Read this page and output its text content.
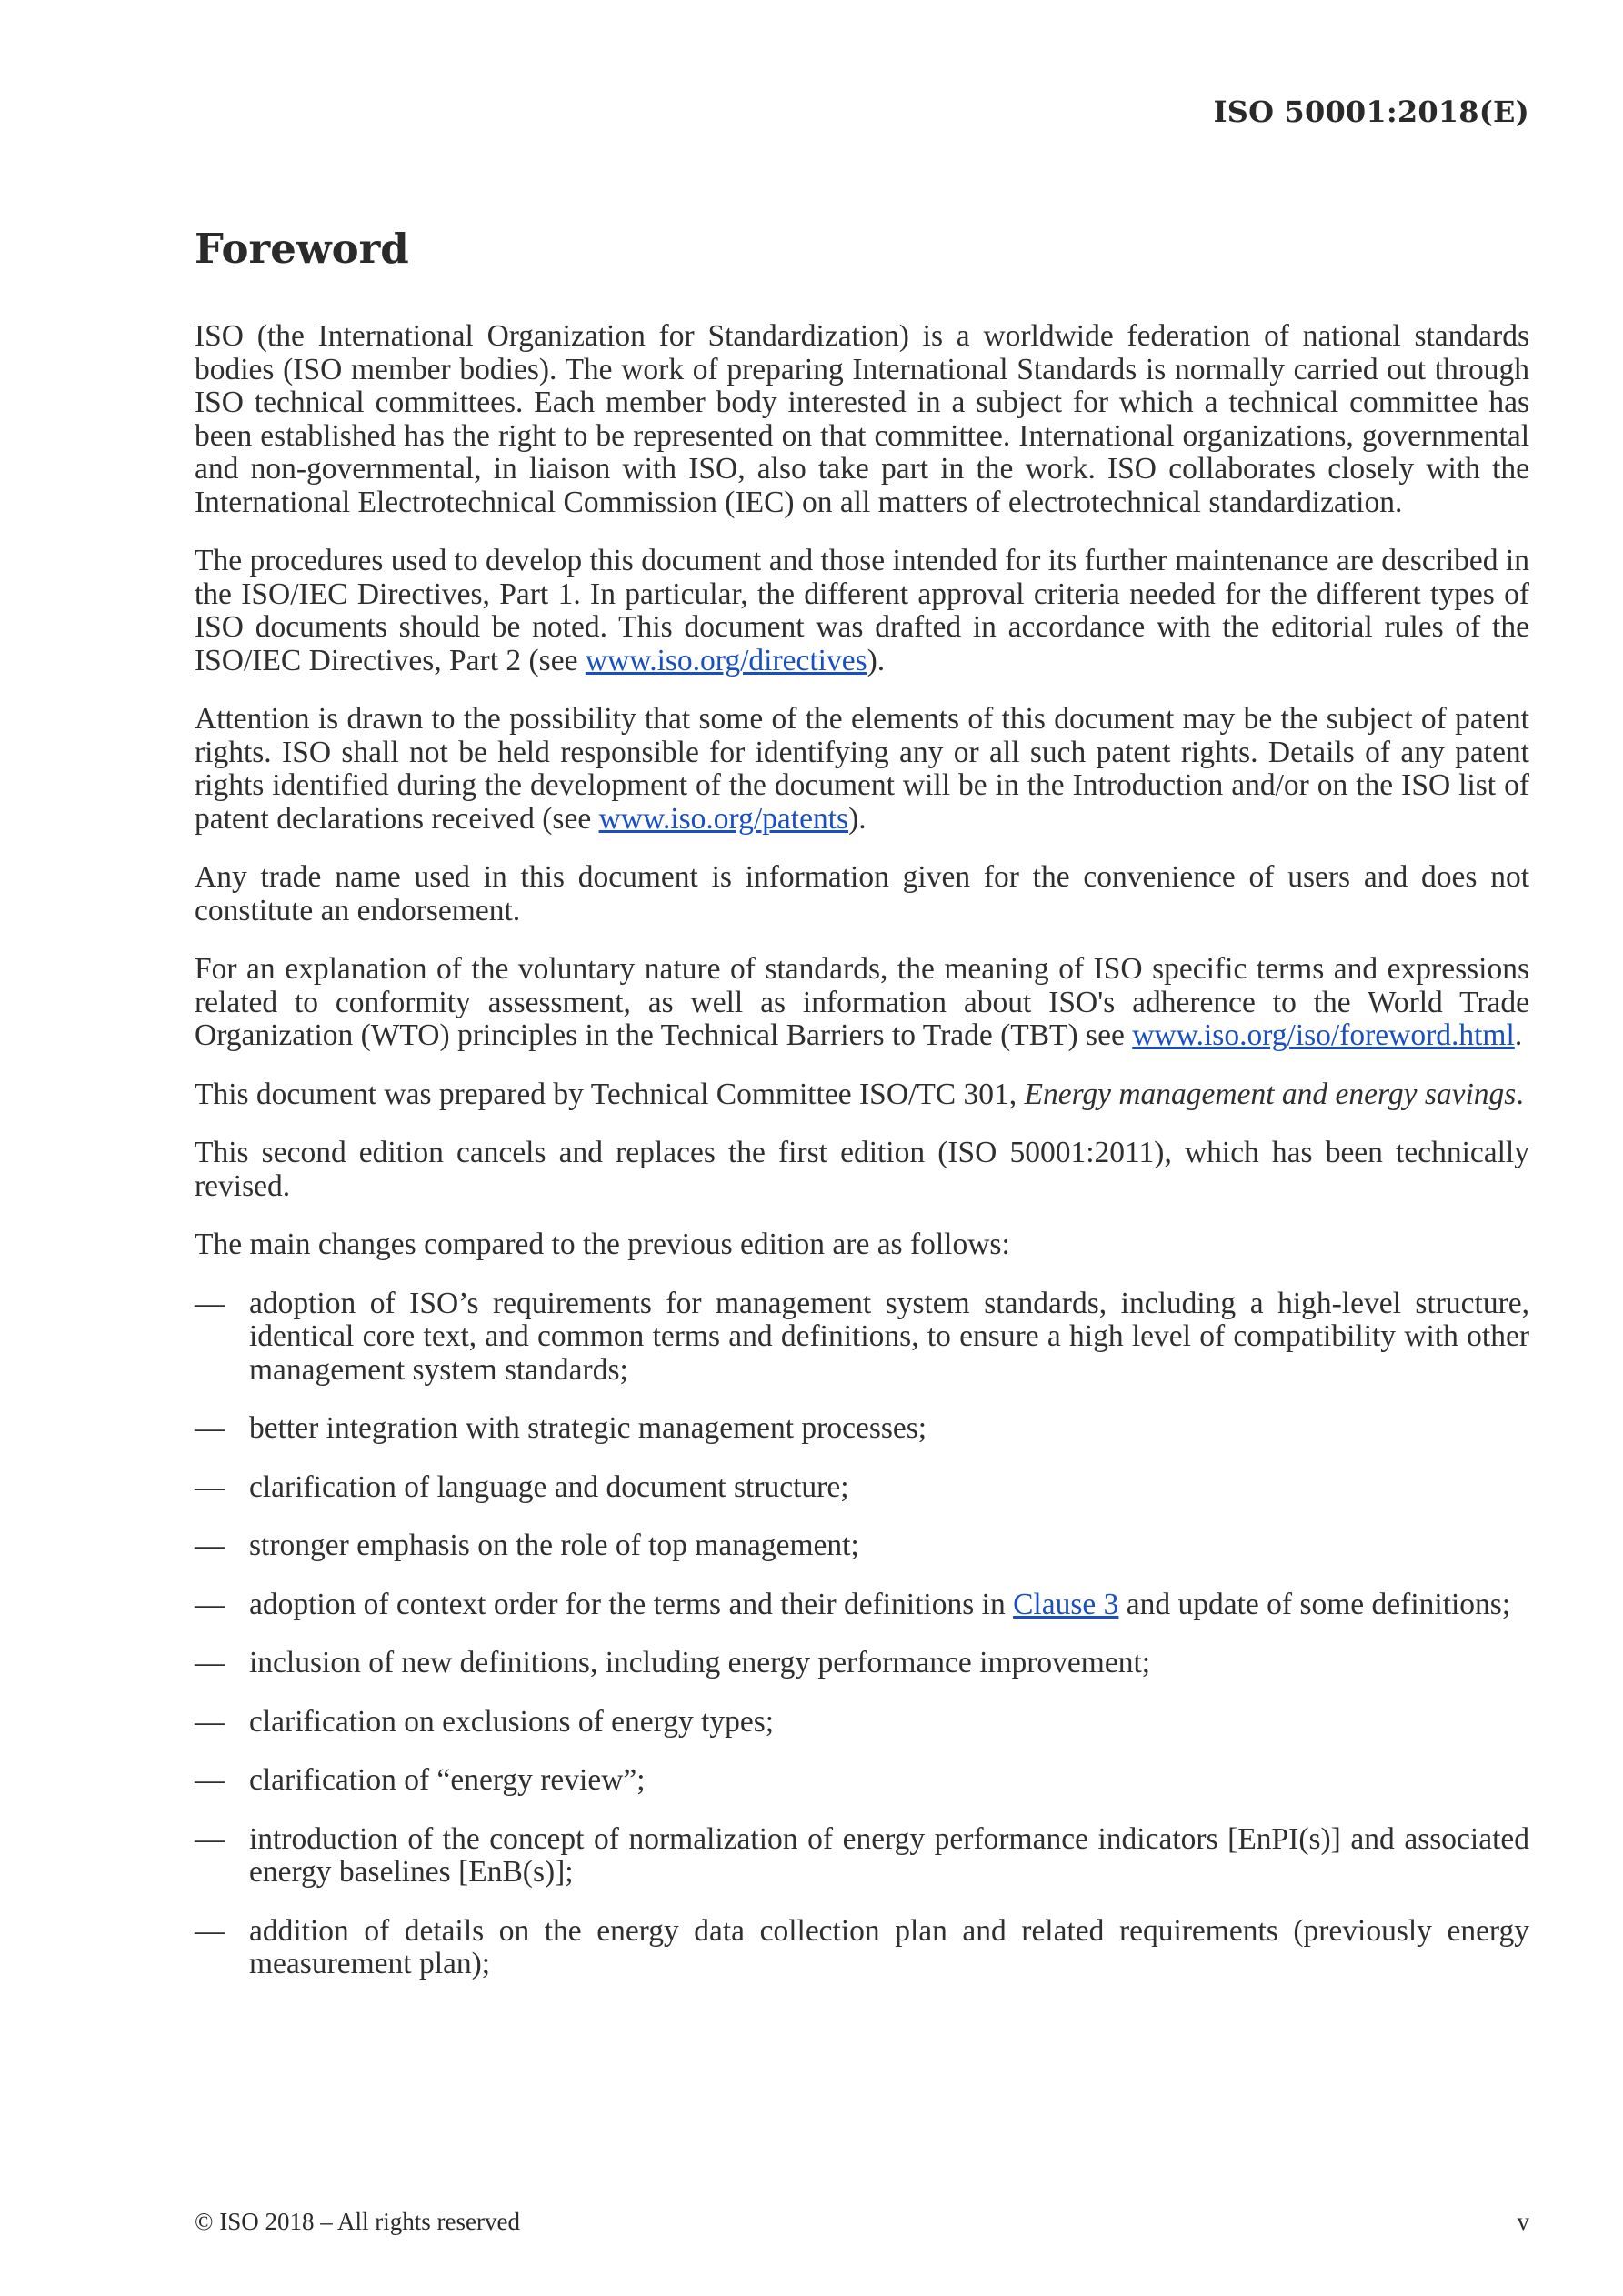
ISO 50001:2018(E)
Foreword

ISO (the International Organization for Standardization) is a worldwide federation of national standards bodies (ISO member bodies). The work of preparing International Standards is normally carried out through ISO technical committees. Each member body interested in a subject for which a technical committee has been established has the right to be represented on that committee. International organizations, governmental and non-governmental, in liaison with ISO, also take part in the work. ISO collaborates closely with the International Electrotechnical Commission (IEC) on all matters of electrotechnical standardization.

The procedures used to develop this document and those intended for its further maintenance are described in the ISO/IEC Directives, Part 1. In particular, the different approval criteria needed for the different types of ISO documents should be noted. This document was drafted in accordance with the editorial rules of the ISO/IEC Directives, Part 2 (see www.iso.org/directives).

Attention is drawn to the possibility that some of the elements of this document may be the subject of patent rights. ISO shall not be held responsible for identifying any or all such patent rights. Details of any patent rights identified during the development of the document will be in the Introduction and/or on the ISO list of patent declarations received (see www.iso.org/patents).

Any trade name used in this document is information given for the convenience of users and does not constitute an endorsement.

For an explanation of the voluntary nature of standards, the meaning of ISO specific terms and expressions related to conformity assessment, as well as information about ISO's adherence to the World Trade Organization (WTO) principles in the Technical Barriers to Trade (TBT) see www.iso.org/iso/foreword.html.

This document was prepared by Technical Committee ISO/TC 301, Energy management and energy savings.

This second edition cancels and replaces the first edition (ISO 50001:2011), which has been technically revised.

The main changes compared to the previous edition are as follows:

— adoption of ISO’s requirements for management system standards, including a high-level structure, identical core text, and common terms and definitions, to ensure a high level of compatibility with other management system standards;
— better integration with strategic management processes;
— clarification of language and document structure;
— stronger emphasis on the role of top management;
— adoption of context order for the terms and their definitions in Clause 3 and update of some definitions;
— inclusion of new definitions, including energy performance improvement;
— clarification on exclusions of energy types;
— clarification of “energy review”;
— introduction of the concept of normalization of energy performance indicators [EnPI(s)] and associated energy baselines [EnB(s)];
— addition of details on the energy data collection plan and related requirements (previously energy measurement plan);
© ISO 2018 – All rights reserved	v
